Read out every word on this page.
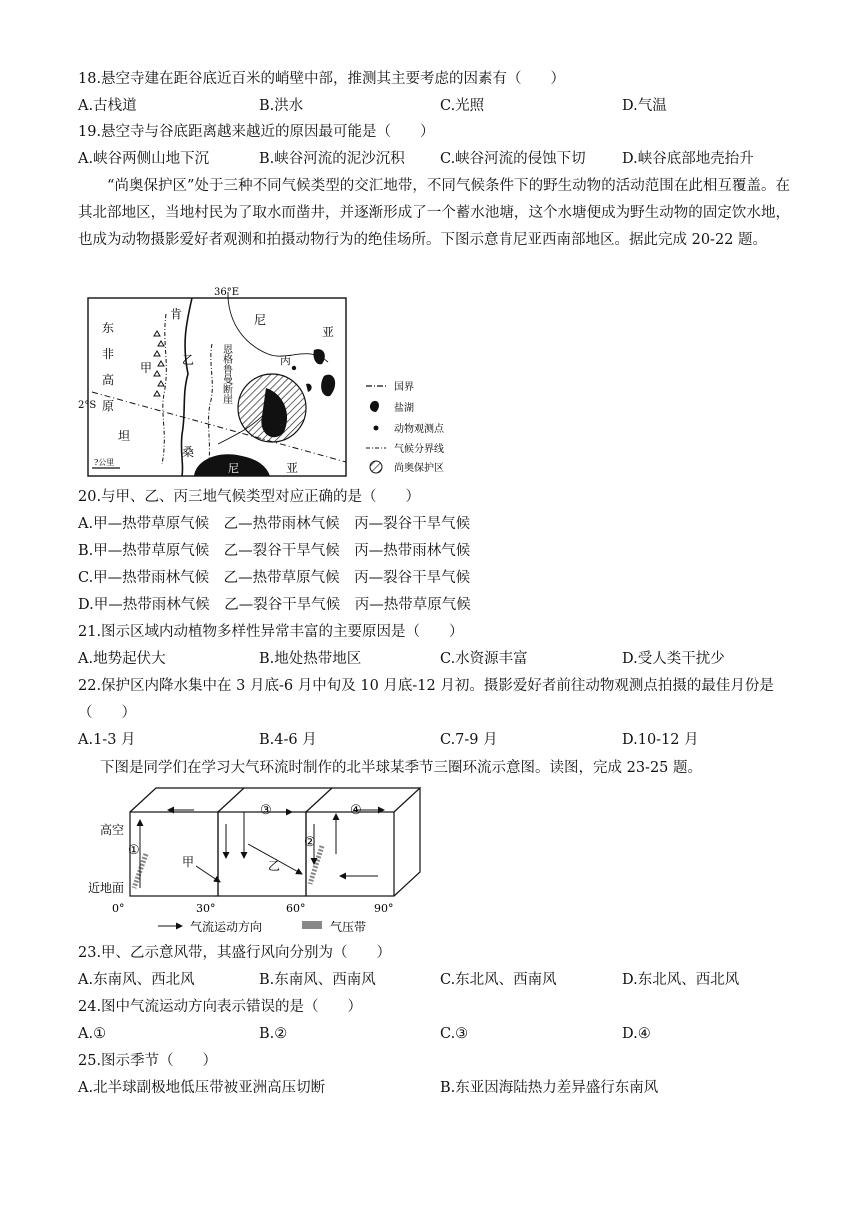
18.悬空寺建在距谷底近百米的峭壁中部，推测其主要考虑的因素有（　　）
A.古栈道	B.洪水	C.光照	D.气温
19.悬空寺与谷底距离越来越近的原因最可能是（　　）
A.峡谷两侧山地下沉	B.峡谷河流的泥沙沉积 C.峡谷河流的侵蚀下切	D.峡谷底部地壳抬升

“尚奥保护区”处于三种不同气候类型的交汇地带，不同气候条件下的野生动物的活动范围在此相互覆盖。在其北部地区，当地村民为了取水而凿井，并逐渐形成了一个蓄水池塘，这个水塘便成为野生动物的固定饮水地，也成为动物摄影爱好者观测和拍摄动物行为的绝佳场所。下图示意肯尼亚西南部地区。据此完成 20-22 题。

36°E
2°S
东
非
高
原
肯	尼
亚
坦
桑
尼	亚
甲
乙	丙
恩格鲁曼断崖
?公里
国界
盐湖
动物观测点
气候分界线
尚奥保护区
20.与甲、乙、丙三地气候类型对应正确的是（　　）
A.甲—热带草原气候　乙—热带雨林气候　丙—裂谷干旱气候
B.甲—热带草原气候　乙—裂谷干旱气候　丙—热带雨林气候
C.甲—热带雨林气候　乙—热带草原气候　丙—裂谷干旱气候
D.甲—热带雨林气候　乙—裂谷干旱气候　丙—热带草原气候
21.图示区域内动植物多样性异常丰富的主要原因是（　　）
A.地势起伏大	B.地处热带地区	C.水资源丰富	D.受人类干扰少
22.保护区内降水集中在 3 月底-6 月中旬及 10 月底-12 月初。摄影爱好者前往动物观测点拍摄的最佳月份是
（　　）
A.1-3 月	B.4-6 月	C.7-9 月	D.10-12 月
下图是同学们在学习大气环流时制作的北半球某季节三圈环流示意图。读图，完成 23-25 题。
①
②
③	④
甲	乙
高空
近地面
0°	30°	60°	90°
气流运动方向	气压带
23.甲、乙示意风带，其盛行风向分别为（　　）
A.东南风、西北风	B.东南风、西南风	C.东北风、西南风	D.东北风、西北风
24.图中气流运动方向表示错误的是（　　）
A.①	B.②	C.③	D.④
25.图示季节（　　）
A.北半球副极地低压带被亚洲高压切断	B.东亚因海陆热力差异盛行东南风
